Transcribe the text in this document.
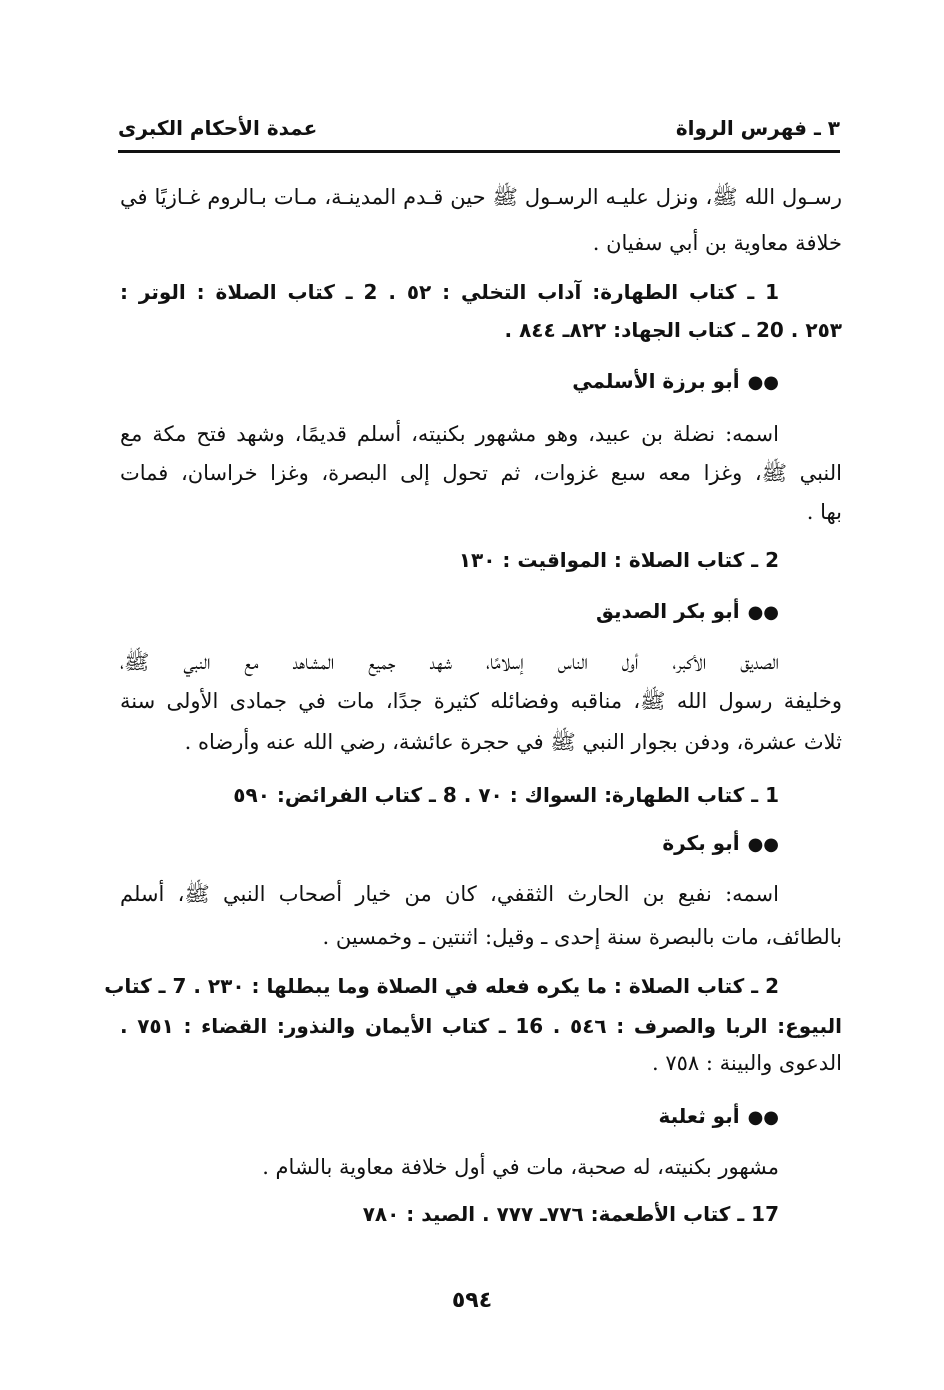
٣ ـ فهرس الرواة
عمدة الأحكام الكبرى
رسـول الله ﷺ، ونزل عليـه الرسـول ﷺ حين قـدم المدينـة، مـات بـالروم غـازيًا في
خلافة معاوية بن أبي سفيان .
1 ـ كتاب الطهارة: آداب التخلي : ٥٢ . 2 ـ كتاب الصلاة : الوتر :
٢٥٣ . 20 ـ كتاب الجهاد: ٨٢٢ـ ٨٤٤ .
●●أبو برزة الأسلمي
اسمه: نضلة بن عبيد، وهو مشهور بكنيته، أسلم قديمًا، وشهد فتح مكة مع
النبي ﷺ، وغزا معه سبع غزوات، ثم تحول إلى البصرة، وغزا خراسان، فمات
بها .
2 ـ كتاب الصلاة : المواقيت : ١٣٠
●●أبو بكر الصديق
الصديق الأكبر، أول الناس إسلامًا، شهد جميع المشاهد مع النبي ﷺ،
وخليفة رسول الله ﷺ، مناقبه وفضائله كثيرة جدًا، مات في جمادى الأولى سنة
ثلاث عشرة، ودفن بجوار النبي ﷺ في حجرة عائشة، رضي الله عنه وأرضاه .
1 ـ كتاب الطهارة: السواك : ٧٠ . 8 ـ كتاب الفرائض: ٥٩٠
●●أبو بكرة
اسمه: نفيع بن الحارث الثقفي، كان من خيار أصحاب النبي ﷺ، أسلم
بالطائف، مات بالبصرة سنة إحدى ـ وقيل: اثنتين ـ وخمسين .
2 ـ كتاب الصلاة : ما يكره فعله في الصلاة وما يبطلها : ٢٣٠ . 7 ـ كتاب
البيوع: الربا والصرف : ٥٤٦ . 16 ـ كتاب الأيمان والنذور: القضاء : ٧٥١ .
الدعوى والبينة : ٧٥٨ .
●●أبو ثعلبة
مشهور بكنيته، له صحبة، مات في أول خلافة معاوية بالشام .
17 ـ كتاب الأطعمة: ٧٧٦ـ ٧٧٧ . الصيد : ٧٨٠
٥٩٤
